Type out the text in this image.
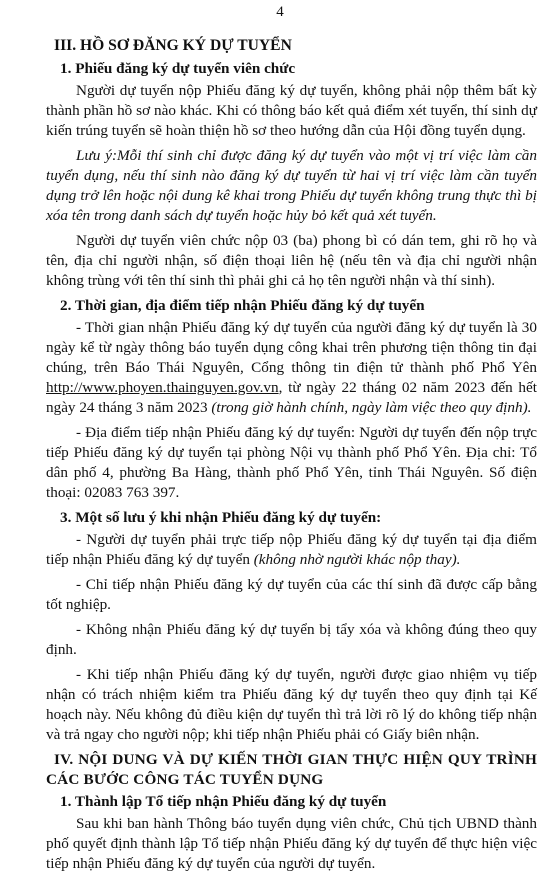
4

III. HỒ SƠ ĐĂNG KÝ DỰ TUYỂN

1. Phiếu đăng ký dự tuyển viên chức

Người dự tuyển nộp Phiếu đăng ký dự tuyển, không phải nộp thêm bất kỳ thành phần hồ sơ nào khác. Khi có thông báo kết quả điểm xét tuyển, thí sinh dự kiến trúng tuyển sẽ hoàn thiện hồ sơ theo hướng dẫn của Hội đồng tuyển dụng.

Lưu ý:Mỗi thí sinh chỉ được đăng ký dự tuyển vào một vị trí việc làm cần tuyển dụng, nếu thí sinh nào đăng ký dự tuyển từ hai vị trí việc làm cần tuyển dụng trở lên hoặc nội dung kê khai trong Phiếu dự tuyển không trung thực thì bị xóa tên trong danh sách dự tuyển hoặc hủy bỏ kết quả xét tuyển.

Người dự tuyển viên chức nộp 03 (ba) phong bì có dán tem, ghi rõ họ và tên, địa chỉ người nhận, số điện thoại liên hệ (nếu tên và địa chỉ người nhận không trùng với tên thí sinh thì phải ghi cả họ tên người nhận và thí sinh).

2. Thời gian, địa điểm tiếp nhận Phiếu đăng ký dự tuyển

- Thời gian nhận Phiếu đăng ký dự tuyển của người đăng ký dự tuyển là 30 ngày kể từ ngày thông báo tuyển dụng công khai trên phương tiện thông tin đại chúng, trên Báo Thái Nguyên, Cổng thông tin điện tử thành phố Phổ Yên http://www.phoyen.thainguyen.gov.vn, từ ngày 22 tháng 02 năm 2023 đến hết ngày 24 tháng 3 năm 2023 (trong giờ hành chính, ngày làm việc theo quy định).

- Địa điểm tiếp nhận Phiếu đăng ký dự tuyển: Người dự tuyển đến nộp trực tiếp Phiếu đăng ký dự tuyển tại phòng Nội vụ thành phố Phổ Yên. Địa chỉ: Tổ dân phố 4, phường Ba Hàng, thành phố Phổ Yên, tỉnh Thái Nguyên. Số điện thoại: 02083 763 397.

3. Một số lưu ý khi nhận Phiếu đăng ký dự tuyển:

- Người dự tuyển phải trực tiếp nộp Phiếu đăng ký dự tuyển tại địa điểm tiếp nhận Phiếu đăng ký dự tuyển (không nhờ người khác nộp thay).

- Chỉ tiếp nhận Phiếu đăng ký dự tuyển của các thí sinh đã được cấp bằng tốt nghiệp.

- Không nhận Phiếu đăng ký dự tuyển bị tẩy xóa và không đúng theo quy định.

- Khi tiếp nhận Phiếu đăng ký dự tuyển, người được giao nhiệm vụ tiếp nhận có trách nhiệm kiểm tra Phiếu đăng ký dự tuyển theo quy định tại Kế hoạch này. Nếu không đủ điều kiện dự tuyển thì trả lời rõ lý do không tiếp nhận và trả ngay cho người nộp; khi tiếp nhận Phiếu phải có Giấy biên nhận.

IV. NỘI DUNG VÀ DỰ KIẾN THỜI GIAN THỰC HIỆN QUY TRÌNH CÁC BƯỚC CÔNG TÁC TUYỂN DỤNG

1. Thành lập Tổ tiếp nhận Phiếu đăng ký dự tuyển

Sau khi ban hành Thông báo tuyển dụng viên chức, Chủ tịch UBND thành phố quyết định thành lập Tổ tiếp nhận Phiếu đăng ký dự tuyển để thực hiện việc tiếp nhận Phiếu đăng ký dự tuyển của người dự tuyển.
